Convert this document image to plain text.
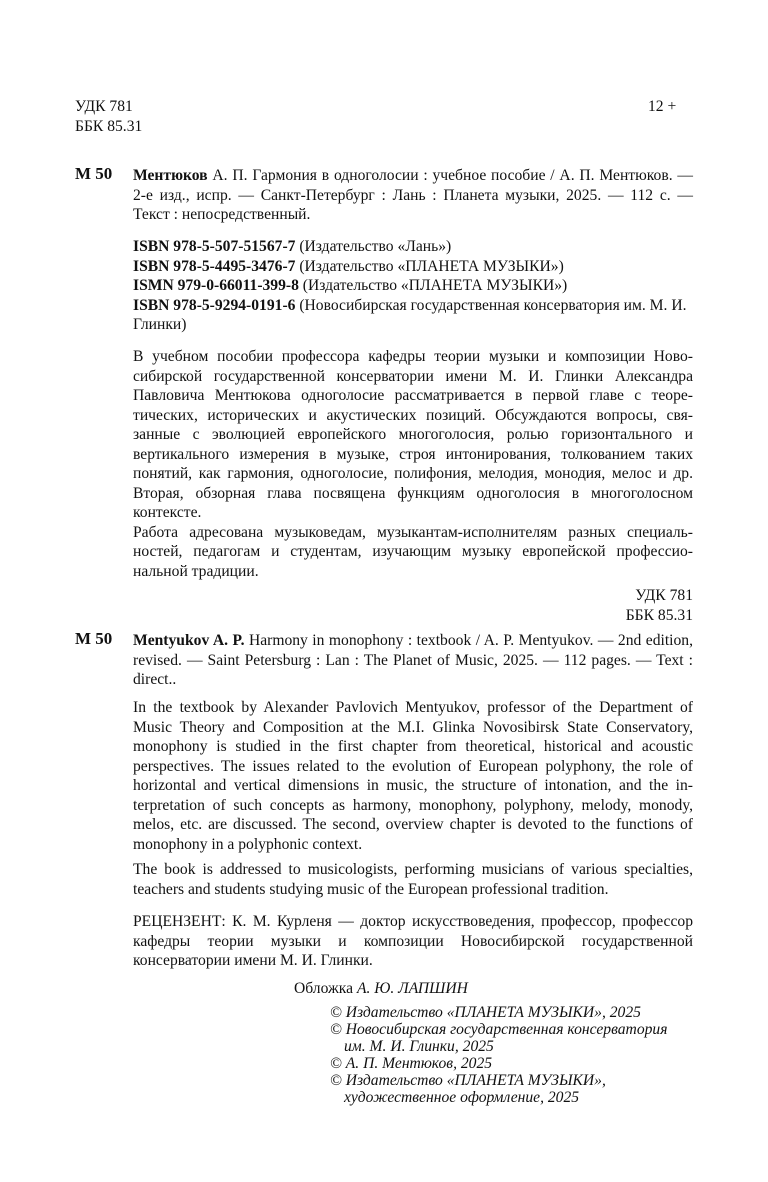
УДК 781
ББК 85.31
12 +
М 50 Ментюков А. П. Гармония в одноголосии : учебное пособие / А. П. Ментюков. — 2-е изд., испр. — Санкт-Петербург : Лань : Планета музыки, 2025. — 112 с. — Текст : непосредственный.
ISBN 978-5-507-51567-7 (Издательство «Лань»)
ISBN 978-5-4495-3476-7 (Издательство «ПЛАНЕТА МУЗЫКИ»)
ISMN 979-0-66011-399-8 (Издательство «ПЛАНЕТА МУЗЫКИ»)
ISBN 978-5-9294-0191-6 (Новосибирская государственная консерватория им. М. И. Глинки)
В учебном пособии профессора кафедры теории музыки и композиции Новосибирской государственной консерватории имени М. И. Глинки Александра Павловича Ментюкова одноголосие рассматривается в первой главе с теоретических, исторических и акустических позиций. Обсуждаются вопросы, связанные с эволюцией европейского многоголосия, ролью горизонтального и вертикального измерения в музыке, строя интонирования, толкованием таких понятий, как гармония, одноголосие, полифония, мелодия, монодия, мелос и др. Вторая, обзорная глава посвящена функциям одноголосия в многоголосном контексте.
Работа адресована музыковедам, музыкантам-исполнителям разных специальностей, педагогам и студентам, изучающим музыку европейской профессиональной традиции.
УДК 781
ББК 85.31
М 50 Mentyukov A. P. Harmony in monophony : textbook / A. P. Mentyukov. — 2nd edition, revised. — Saint Petersburg : Lan : The Planet of Music, 2025. — 112 pages. — Text : direct..
In the textbook by Alexander Pavlovich Mentyukov, professor of the Department of Music Theory and Composition at the M.I. Glinka Novosibirsk State Conservatory, monophony is studied in the first chapter from theoretical, historical and acoustic perspectives. The issues related to the evolution of European polyphony, the role of horizontal and vertical dimensions in music, the structure of intonation, and the interpretation of such concepts as harmony, monophony, polyphony, melody, monody, melos, etc. are discussed. The second, overview chapter is devoted to the functions of monophony in a polyphonic context.
The book is addressed to musicologists, performing musicians of various specialties, teachers and students studying music of the European professional tradition.
РЕЦЕНЗЕНТ: К. М. Курленя — доктор искусствоведения, профессор, профессор кафедры теории музыки и композиции Новосибирской государственной консерватории имени М. И. Глинки.
Обложка А. Ю. ЛАПШИН
© Издательство «ПЛАНЕТА МУЗЫКИ», 2025
© Новосибирская государственная консерватория
им. М. И. Глинки, 2025
© А. П. Ментюков, 2025
© Издательство «ПЛАНЕТА МУЗЫКИ»,
художественное оформление, 2025
